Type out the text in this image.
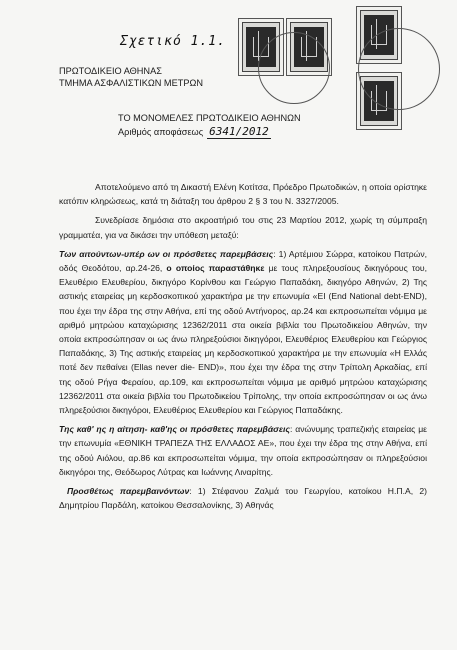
Σχετικό 1.1.
ΠΡΩΤΟΔΙΚΕΙΟ ΑΘΗΝΑΣ
ΤΜΗΜΑ ΑΣΦΑΛΙΣΤΙΚΩΝ ΜΕΤΡΩΝ
ΤΟ ΜΟΝΟΜΕΛΕΣ ΠΡΩΤΟΔΙΚΕΙΟ ΑΘΗΝΩΝ
Αριθμός αποφάσεως 6341/2012

Αποτελούμενο από τη Δικαστή Ελένη Κοτίτσα, Πρόεδρο Πρωτοδικών, η οποία ορίστηκε κατόπιν κληρώσεως, κατά τη διάταξη του άρθρου 2 § 3 του Ν. 3327/2005.

Συνεδρίασε δημόσια στο ακροατήριό του στις 23 Μαρτίου 2012, χωρίς τη σύμπραξη γραμματέα, για να δικάσει την υπόθεση μεταξύ:

Των αιτούντων-υπέρ ων οι πρόσθετες παρεμβάσεις: 1) Αρτέμιου Σώρρα, κατοίκου Πατρών, οδός Θεοδότου, αρ.24-26, ο οποίος παραστάθηκε με τους πληρεξουσίους δικηγόρους του, Ελευθέριο Ελευθερίου, δικηγόρο Κορίνθου και Γεώργιο Παπαδάκη, δικηγόρο Αθηνών, 2) Της αστικής εταιρείας μη κερδοσκοπικού χαρακτήρα με την επωνυμία «ΕΙ (End National debt-END), που έχει την έδρα της στην Αθήνα, επί της οδού Αντήνορος, αρ.24 και εκπροσωπείται νόμιμα με αριθμό μητρώου καταχώρισης 12362/2011 στα οικεία βιβλία του Πρωτοδικείου Αθηνών, την οποία εκπροσώπησαν οι ως άνω πληρεξούσιοι δικηγόροι, Ελευθέριος Ελευθερίου και Γεώργιος Παπαδάκης, 3) Της αστικής εταιρείας μη κερδοσκοπικού χαρακτήρα με την επωνυμία «Η Ελλάς ποτέ δεν πεθαίνει (Ellas never die- END)», που έχει την έδρα της στην Τρίπολη Αρκαδίας, επί της οδού Ρήγα Φεραίου, αρ.109, και εκπροσωπείται νόμιμα με αριθμό μητρώου καταχώρισης 12362/2011 στα οικεία βιβλία του Πρωτοδικείου Τρίπολης, την οποία εκπροσώπησαν οι ως άνω πληρεξούσιοι δικηγόροι, Ελευθέριος Ελευθερίου και Γεώργιος Παπαδάκης.

Της καθ' ης η αίτηση- καθ'ης οι πρόσθετες παρεμβάσεις: ανώνυμης τραπεζικής εταιρείας με την επωνυμία «ΕΘΝΙΚΗ ΤΡΑΠΕΖΑ ΤΗΣ ΕΛΛΑΔΟΣ ΑΕ», που έχει την έδρα της στην Αθήνα, επί της οδού Αιόλου, αρ.86 και εκπροσωπείται νόμιμα, την οποία εκπροσώπησαν οι πληρεξούσιοι δικηγόροι της, Θεόδωρος Λύτρας και Ιωάννης Λιναρίτης.

Προσθέτως παρεμβαινόντων: 1) Στέφανου Ζαλμά του Γεωργίου, κατοίκου Η.Π.Α, 2) Δημητρίου Παρδάλη, κατοίκου Θεσσαλονίκης, 3) Αθηνάς
